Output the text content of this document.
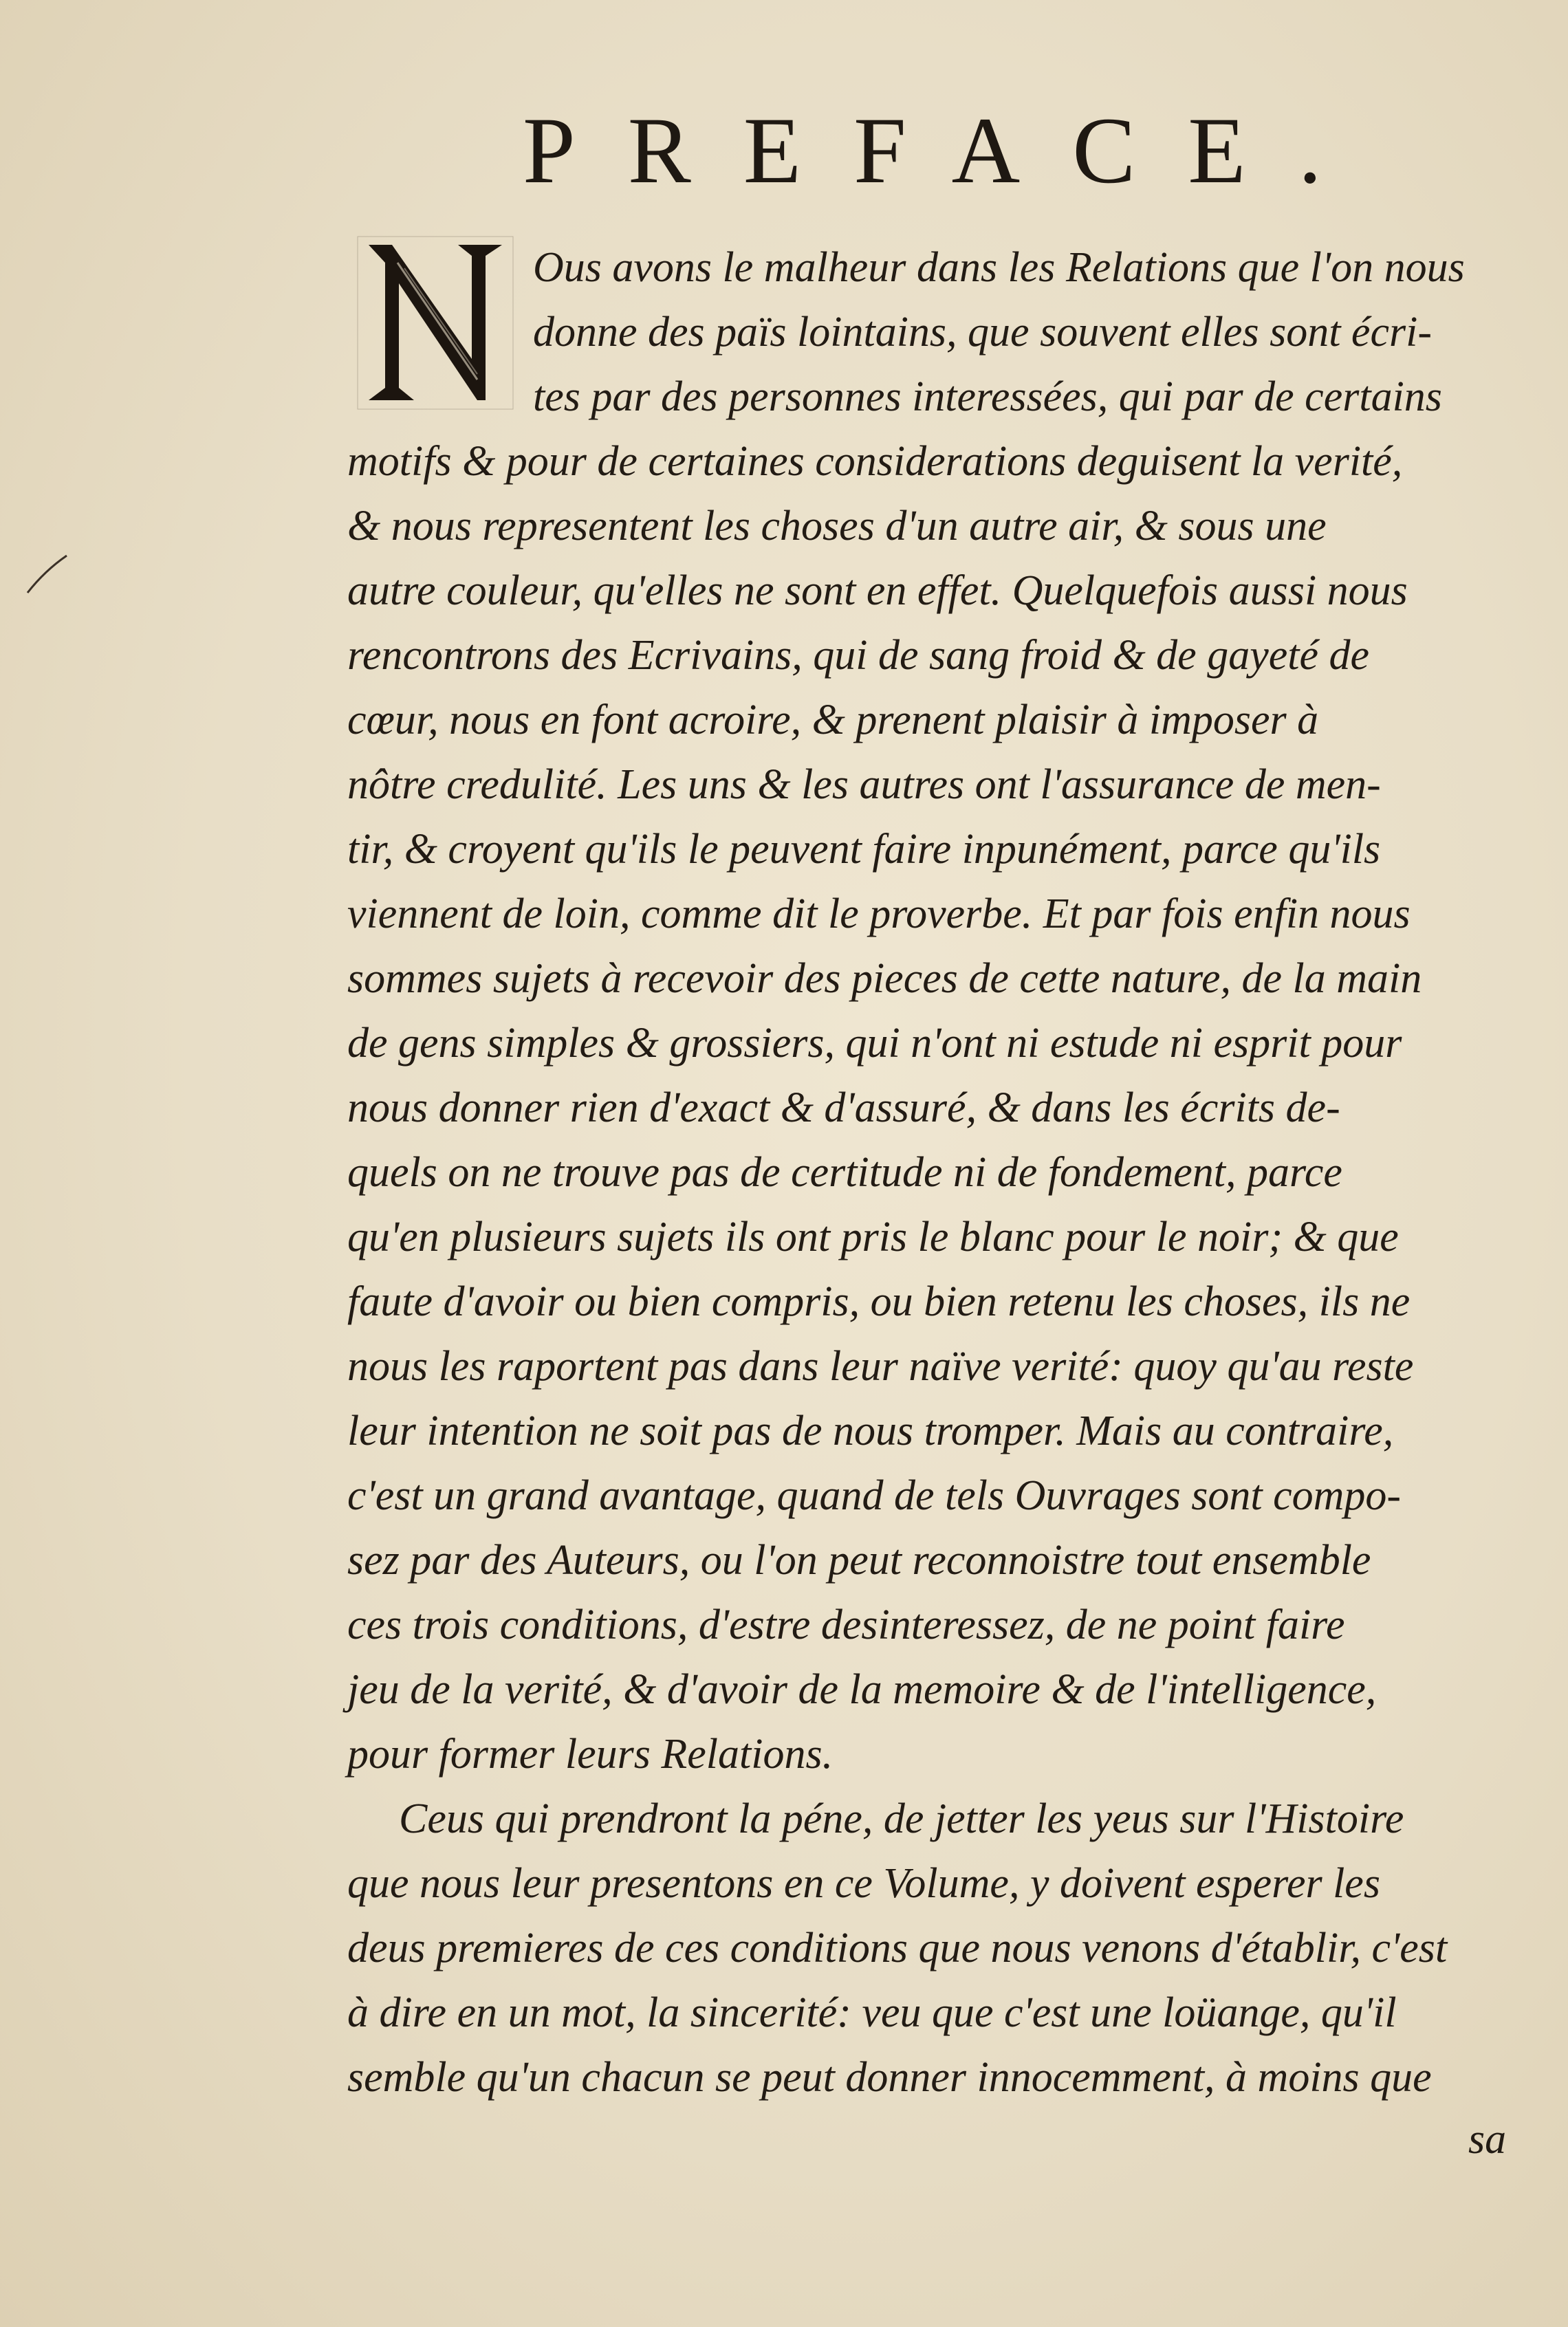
PREFACE.

Ous avons le malheur dans les Relations que l'on nous

donne des païs lointains, que souvent elles sont écri-

tes par des personnes interessées, qui par de certains

motifs & pour de certaines considerations deguisent la verité,

& nous representent les choses d'un autre air, & sous une

autre couleur, qu'elles ne sont en effet. Quelquefois aussi nous

rencontrons des Ecrivains, qui de sang froid & de gayeté de

cœur, nous en font acroire, & prenent plaisir à imposer à

nôtre credulité. Les uns & les autres ont l'assurance de men-

tir, & croyent qu'ils le peuvent faire inpunément, parce qu'ils

viennent de loin, comme dit le proverbe. Et par fois enfin nous

sommes sujets à recevoir des pieces de cette nature, de la main

de gens simples & grossiers, qui n'ont ni estude ni esprit pour

nous donner rien d'exact & d'assuré, & dans les écrits de-

quels on ne trouve pas de certitude ni de fondement, parce

qu'en plusieurs sujets ils ont pris le blanc pour le noir; & que

faute d'avoir ou bien compris, ou bien retenu les choses, ils ne

nous les raportent pas dans leur naïve verité: quoy qu'au reste

leur intention ne soit pas de nous tromper. Mais au contraire,

c'est un grand avantage, quand de tels Ouvrages sont compo-

sez par des Auteurs, ou l'on peut reconnoistre tout ensemble

ces trois conditions, d'estre desinteressez, de ne point faire

jeu de la verité, & d'avoir de la memoire & de l'intelligence,

pour former leurs Relations.

Ceus qui prendront la péne, de jetter les yeus sur l'Histoire

que nous leur presentons en ce Volume, y doivent esperer les

deus premieres de ces conditions que nous venons d'établir, c'est

à dire en un mot, la sincerité: veu que c'est une loüange, qu'il

semble qu'un chacun se peut donner innocemment, à moins que

sa
